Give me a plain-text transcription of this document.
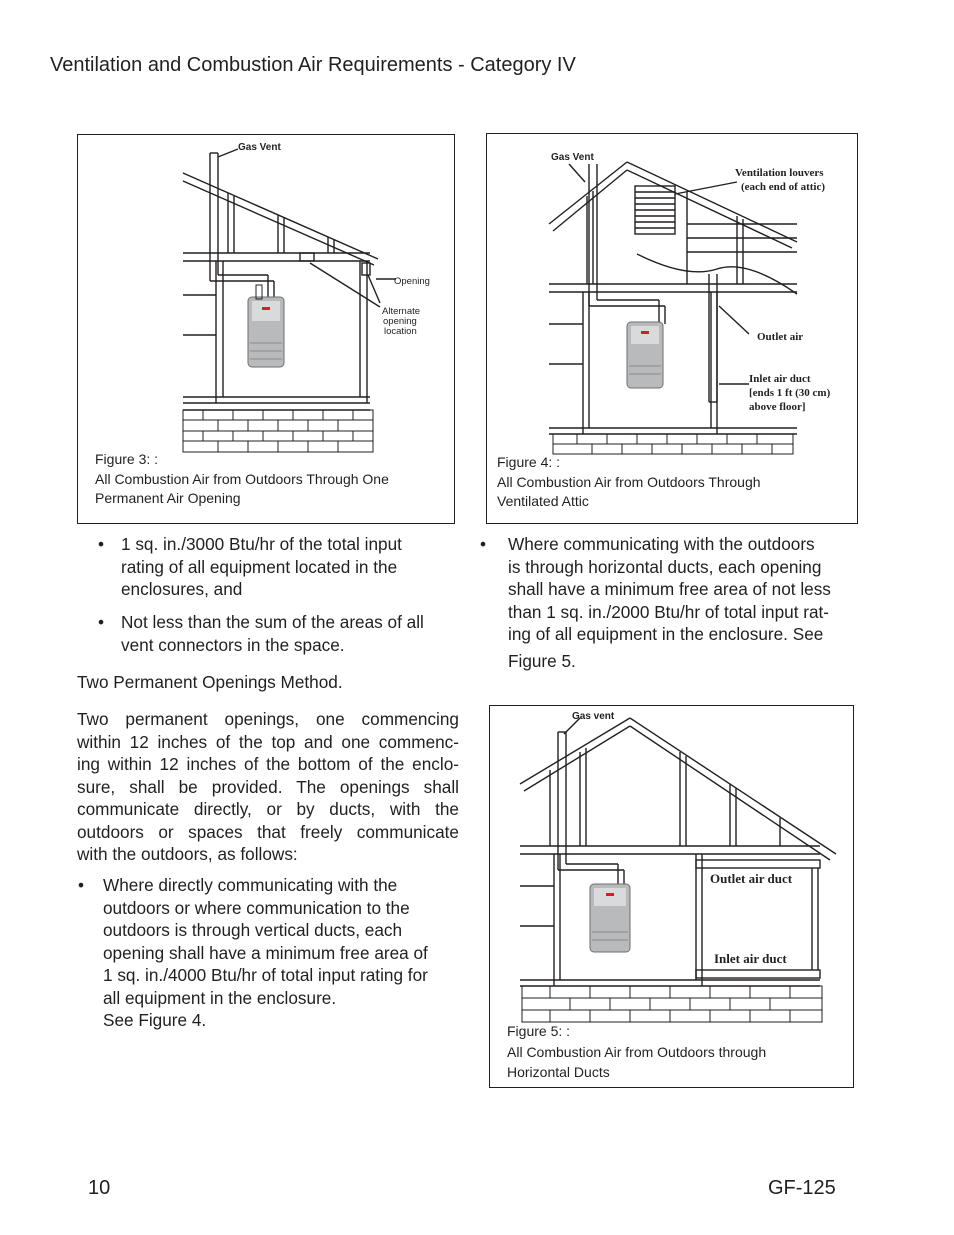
Ventilation and Combustion Air Requirements - Category IV
Gas Vent
Opening
Alternate
opening
location
Figure 3: :
All Combustion Air from Outdoors Through One
Permanent Air Opening
Gas Vent
Ventilation louvers
(each end of attic)
Outlet air
Inlet air duct
[ends 1 ft (30 cm)
above floor]
Figure 4: :
All Combustion Air from Outdoors Through
Ventilated Attic
• 1 sq. in./3000 Btu/hr of the total input
rating of all equipment located in the
enclosures, and
• Not less than the sum of the areas of all
vent connectors in the space.
Two Permanent Openings Method.
Two permanent openings, one commencing
within 12 inches of the top and one commenc-
ing within 12 inches of the bottom of the enclo-
sure, shall be provided. The openings shall
communicate directly, or by ducts, with the
outdoors or spaces that freely communicate
with the outdoors, as follows:
• Where directly communicating with the
outdoors or where communication to the
outdoors is through vertical ducts, each
opening shall have a minimum free area of
1 sq. in./4000 Btu/hr of total input rating for
all equipment in the enclosure.
See Figure 4.
• Where communicating with the outdoors
is through horizontal ducts, each opening
shall have a minimum free area of not less
than 1 sq. in./2000 Btu/hr of total input rat-
ing of all equipment in the enclosure. See
Figure 5.
Gas vent
Outlet air duct
Inlet air duct
Figure 5: :
All Combustion Air from Outdoors through
Horizontal Ducts
10	GF-125
